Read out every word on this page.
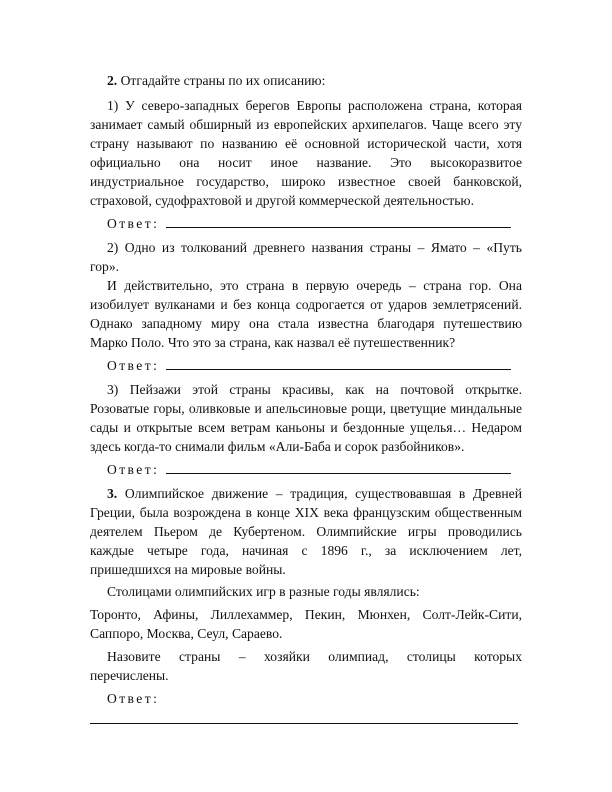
2. Отгадайте страны по их описанию:
1) У северо-западных берегов Европы расположена страна, которая
занимает самый обширный из европейских архипелагов. Чаще всего эту
страну называют по названию её основной исторической части, хотя
официально она носит иное название. Это высокоразвитое
индустриальное государство, широко известное своей банковской,
страховой, судофрахтовой и другой коммерческой деятельностью.
Ответ:
2) Одно из толкований древнего названия страны – Ямато – «Путь
гор».
И действительно, это страна в первую очередь – страна гор. Она
изобилует вулканами и без конца содрогается от ударов землетрясений.
Однако западному миру она стала известна благодаря путешествию
Марко Поло. Что это за страна, как назвал её путешественник?
Ответ:
3) Пейзажи этой страны красивы, как на почтовой открытке.
Розоватые горы, оливковые и апельсиновые рощи, цветущие миндальные
сады и открытые всем ветрам каньоны и бездонные ущелья… Недаром
здесь когда-то снимали фильм «Али-Баба и сорок разбойников».
Ответ:
3. Олимпийское движение – традиция, существовавшая в Древней
Греции, была возрождена в конце XIX века французским общественным
деятелем Пьером де Кубертеном. Олимпийские игры проводились
каждые четыре года, начиная с 1896 г., за исключением лет,
пришедшихся на мировые войны.
Столицами олимпийских игр в разные годы являлись:
Торонто, Афины, Лиллехаммер, Пекин, Мюнхен, Солт-Лейк-Сити,
Саппоро, Москва, Сеул, Сараево.
Назовите страны – хозяйки олимпиад, столицы которых
перечислены.
Ответ:
